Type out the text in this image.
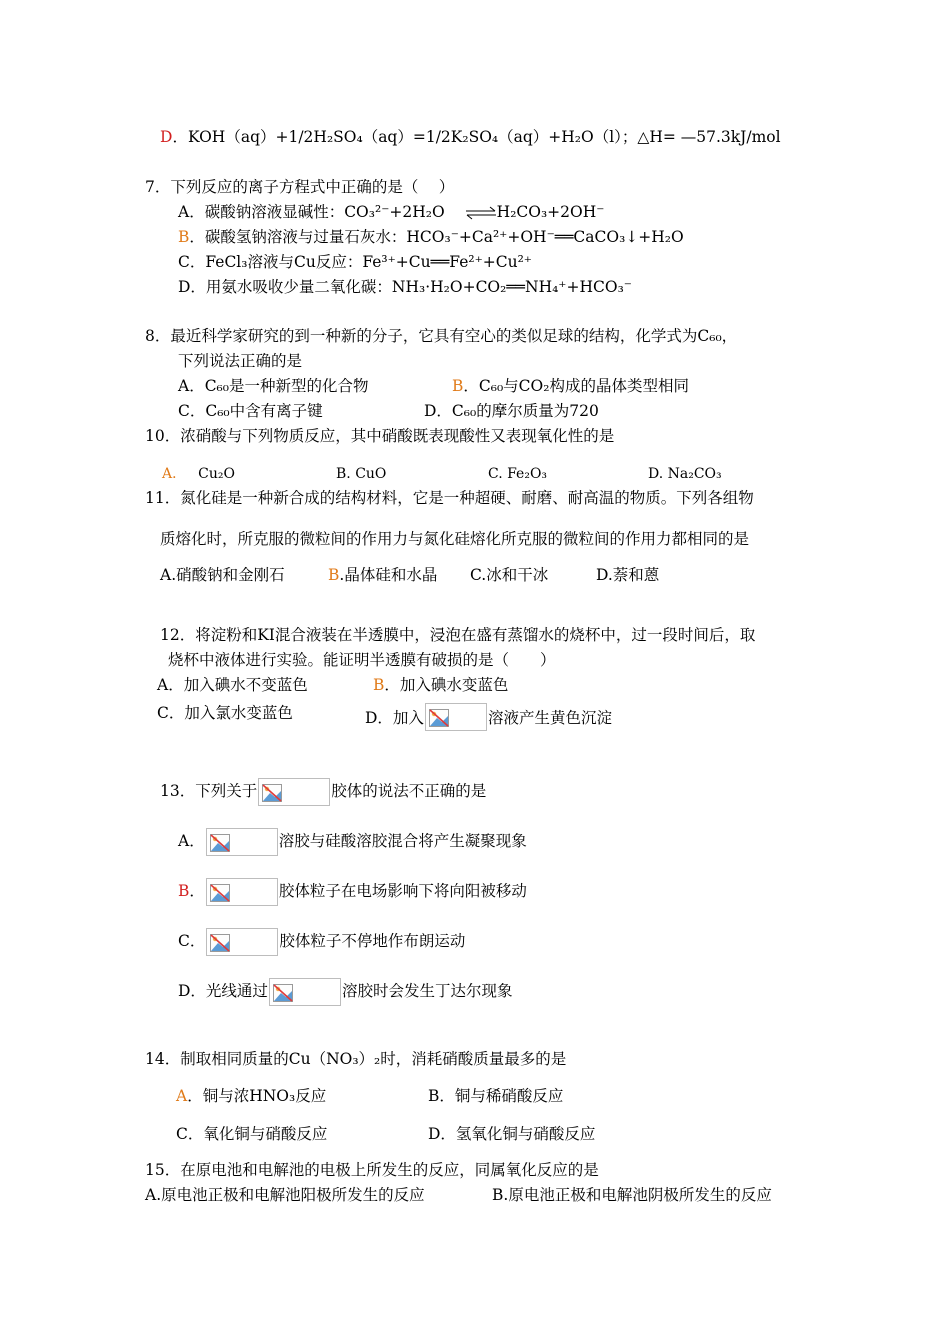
D．KOH（aq）+1/2H₂SO₄（aq）=1/2K₂SO₄（aq）+H₂O（l）；△H= —57.3kJ/mol
7．下列反应的离子方程式中正确的是（　 ）
A．碳酸钠溶液显碱性：CO₃²⁻+2H₂O ⇌H₂CO₃+2OH⁻
B．碳酸氢钠溶液与过量石灰水：HCO₃⁻+Ca²⁺+OH⁻══CaCO₃↓+H₂O
C．FeCl₃溶液与Cu反应：Fe³⁺+Cu══Fe²⁺+Cu²⁺
D．用氨水吸收少量二氧化碳：NH₃·H₂O+CO₂══NH₄⁺+HCO₃⁻
8．最近科学家研究的到一种新的分子，它具有空心的类似足球的结构，化学式为C₆₀，
下列说法正确的是
A．C₆₀是一种新型的化合物	B．C₆₀与CO₂构成的晶体类型相同
C．C₆₀中含有离子键	D．C₆₀的摩尔质量为720
10．浓硝酸与下列物质反应，其中硝酸既表现酸性又表现氧化性的是
A． Cu₂O	B. CuO	C. Fe₂O₃	D. Na₂CO₃
11．氮化硅是一种新合成的结构材料，它是一种超硬、耐磨、耐高温的物质。下列各组物
质熔化时，所克服的微粒间的作用力与氮化硅熔化所克服的微粒间的作用力都相同的是
A.硝酸钠和金刚石	B.晶体硅和水晶 C.冰和干冰	D.萘和蒽
12．将淀粉和KI混合液装在半透膜中，浸泡在盛有蒸馏水的烧杯中，过一段时间后，取
烧杯中液体进行实验。能证明半透膜有破损的是（　　）
A．加入碘水不变蓝色	B．加入碘水变蓝色
C．加入氯水变蓝色	D．加入	溶液产生黄色沉淀
13．下列关于	胶体的说法不正确的是
A．	溶胶与硅酸溶胶混合将产生凝聚现象
B．	胶体粒子在电场影响下将向阳被移动
C．	胶体粒子不停地作布朗运动
D．光线通过	溶胶时会发生丁达尔现象
14．制取相同质量的Cu（NO₃）₂时，消耗硝酸质量最多的是
A．铜与浓HNO₃反应	B．铜与稀硝酸反应
C．氧化铜与硝酸反应	D．氢氧化铜与硝酸反应
15．在原电池和电解池的电极上所发生的反应，同属氧化反应的是
A.原电池正极和电解池阳极所发生的反应	B.原电池正极和电解池阴极所发生的反应
